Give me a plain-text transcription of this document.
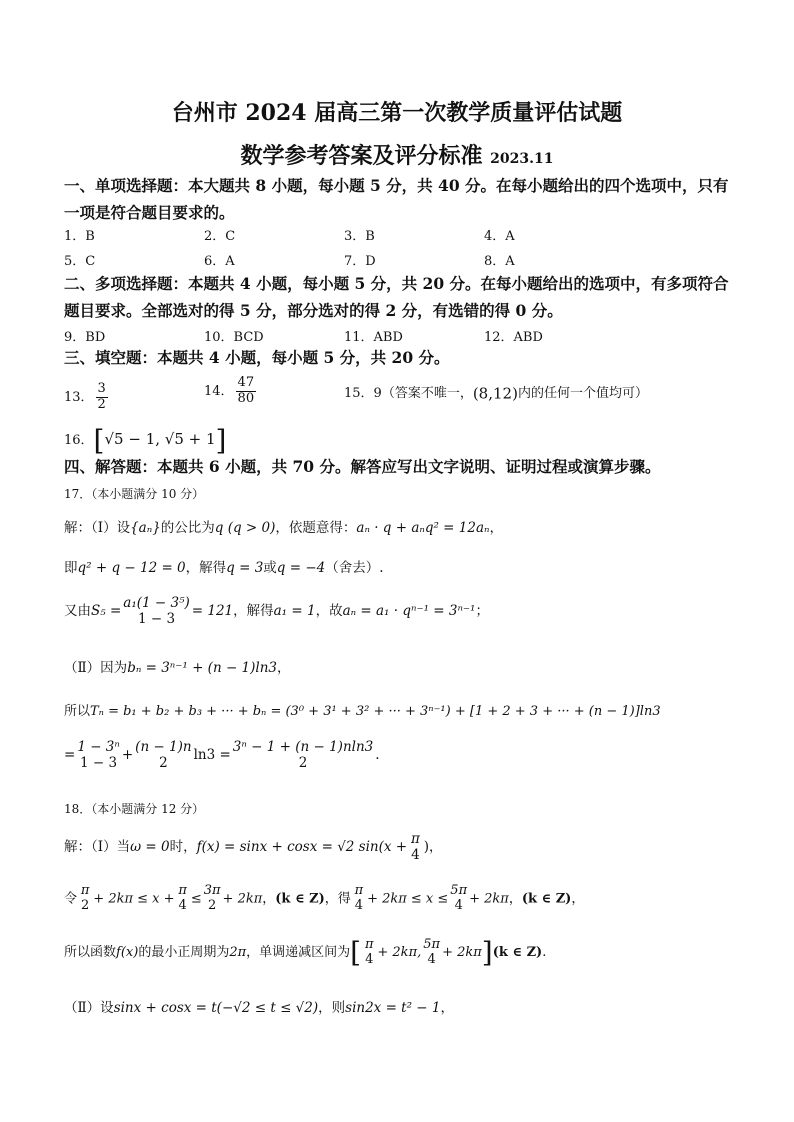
台州市 2024 届高三第一次教学质量评估试题
数学参考答案及评分标准 2023.11
一、单项选择题：本大题共 8 小题，每小题 5 分，共 40 分。在每小题给出的四个选项中，只有一项是符合题目要求的。
1．B	2．C	3．B	4．A
5．C	6．A	7．D	8．A
二、多项选择题：本题共 4 小题，每小题 5 分，共 20 分。在每小题给出的选项中，有多项符合题目要求。全部选对的得 5 分，部分选对的得 2 分，有选错的得 0 分。
9．BD	10．BCD	11．ABD	12．ABD
三、填空题：本题共 4 小题，每小题 5 分，共 20 分。
13． $\frac{3}{2}$	14． $\frac{47}{80}$	15．9（答案不唯一，(8,12)内的任何一个值均可）
16．[√5 − 1, √5 + 1]
四、解答题：本题共 6 小题，共 70 分。解答应写出文字说明、证明过程或演算步骤。
17．（本小题满分 10 分）
解：（Ⅰ）设{aₙ}的公比为q (q > 0)，依题意得：aₙ · q + aₙq² = 12aₙ，
即q² + q − 12 = 0，解得q = 3或q = −4（舍去）.
又由S₅ =
a₁(1 − 3⁵)
1 − 3 = 121，解得a₁ = 1，故aₙ = a₁ · qⁿ⁻¹ = 3ⁿ⁻¹；
（Ⅱ）因为bₙ = 3ⁿ⁻¹ + (n − 1)ln3，
所以Tₙ = b₁ + b₂ + b₃ + ··· + bₙ = (3⁰ + 3¹ + 3² + ··· + 3ⁿ⁻¹) + [1 + 2 + 3 + ··· + (n − 1)]ln3
=
1 − 3ⁿ
1 − 3 +
(n − 1)n
2 ln3 =
3ⁿ − 1 + (n − 1)nln3
2	.
18．（本小题满分 12 分）
解：（Ⅰ）当ω = 0时，f(x) = sinx + cosx = √2 sin(x +
π
4 )，
令
π
2 + 2kπ ≤ x +
π
4 ≤
3π
2 + 2kπ，(k ∈ Z)，得
π
4 + 2kπ ≤ x ≤
5π
4 + 2kπ，(k ∈ Z)，
所以函数f(x)的最小正周期为2π，单调递减区间为[ π
4 + 2kπ,
5π
4 + 2kπ](k ∈ Z).
（Ⅱ）设sinx + cosx = t(−√2 ≤ t ≤ √2)，则sin2x = t² − 1，
